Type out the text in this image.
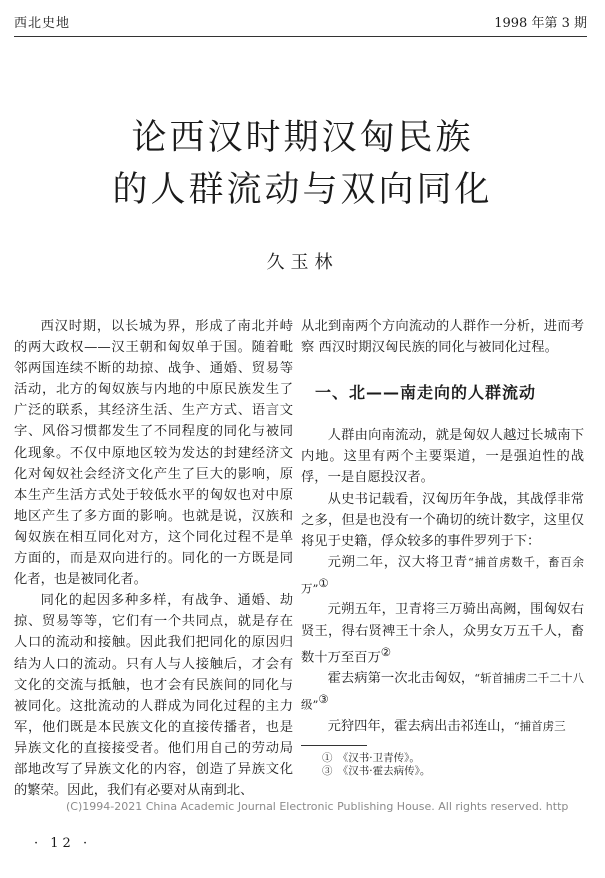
西北史地	1998 年第 3 期
论西汉时期汉匈民族
的人群流动与双向同化
久玉林

西汉时期，以长城为界，形成了南北并峙的两大政权——汉王朝和匈奴单于国。随着毗邻两国连续不断的劫掠、战争、通婚、贸易等活动，北方的匈奴族与内地的中原民族发生了广泛的联系，其经济生活、生产方式、语言文字、风俗习惯都发生了不同程度的同化与被同化现象。不仅中原地区较为发达的封建经济文化对匈奴社会经济文化产生了巨大的影响，原本生产生活方式处于较低水平的匈奴也对中原地区产生了多方面的影响。也就是说，汉族和匈奴族在相互同化对方，这个同化过程不是单方面的，而是双向进行的。同化的一方既是同化者，也是被同化者。

同化的起因多种多样，有战争、通婚、劫掠、贸易等等，它们有一个共同点，就是存在人口的流动和接触。因此我们把同化的原因归结为人口的流动。只有人与人接触后，才会有文化的交流与抵触，也才会有民族间的同化与被同化。这批流动的人群成为同化过程的主力军，他们既是本民族文化的直接传播者，也是异族文化的直接接受者。他们用自己的劳动局部地改写了异族文化的内容，创造了异族文化的繁荣。因此，我们有必要对从南到北、

从北到南两个方向流动的人群作一分析，进而考察 西汉时期汉匈民族的同化与被同化过程。

一、北——南走向的人群流动

人群由向南流动，就是匈奴人越过长城南下内地。这里有两个主要渠道，一是强迫性的战俘，一是自愿投汉者。

从史书记载看，汉匈历年争战，其战俘非常之多，但是也没有一个确切的统计数字，这里仅将见于史籍，俘众较多的事件罗列于下：

元朔二年，汉大将卫青“捕首虏数千，畜百余万”①

元朔五年，卫青将三万骑出高阙，围匈奴右贤王，得右贤裨王十余人，众男女万五千人，畜数十万至百万②

霍去病第一次北击匈奴，“斩首捕虏二千二十八级”③

元狩四年，霍去病出击祁连山，“捕首虏三

①　《汉书·卫青传》。
③　《汉书·霍去病传》。
(C)1994-2021 China Academic Journal Electronic Publishing House. All rights reserved. http
· 12 ·
